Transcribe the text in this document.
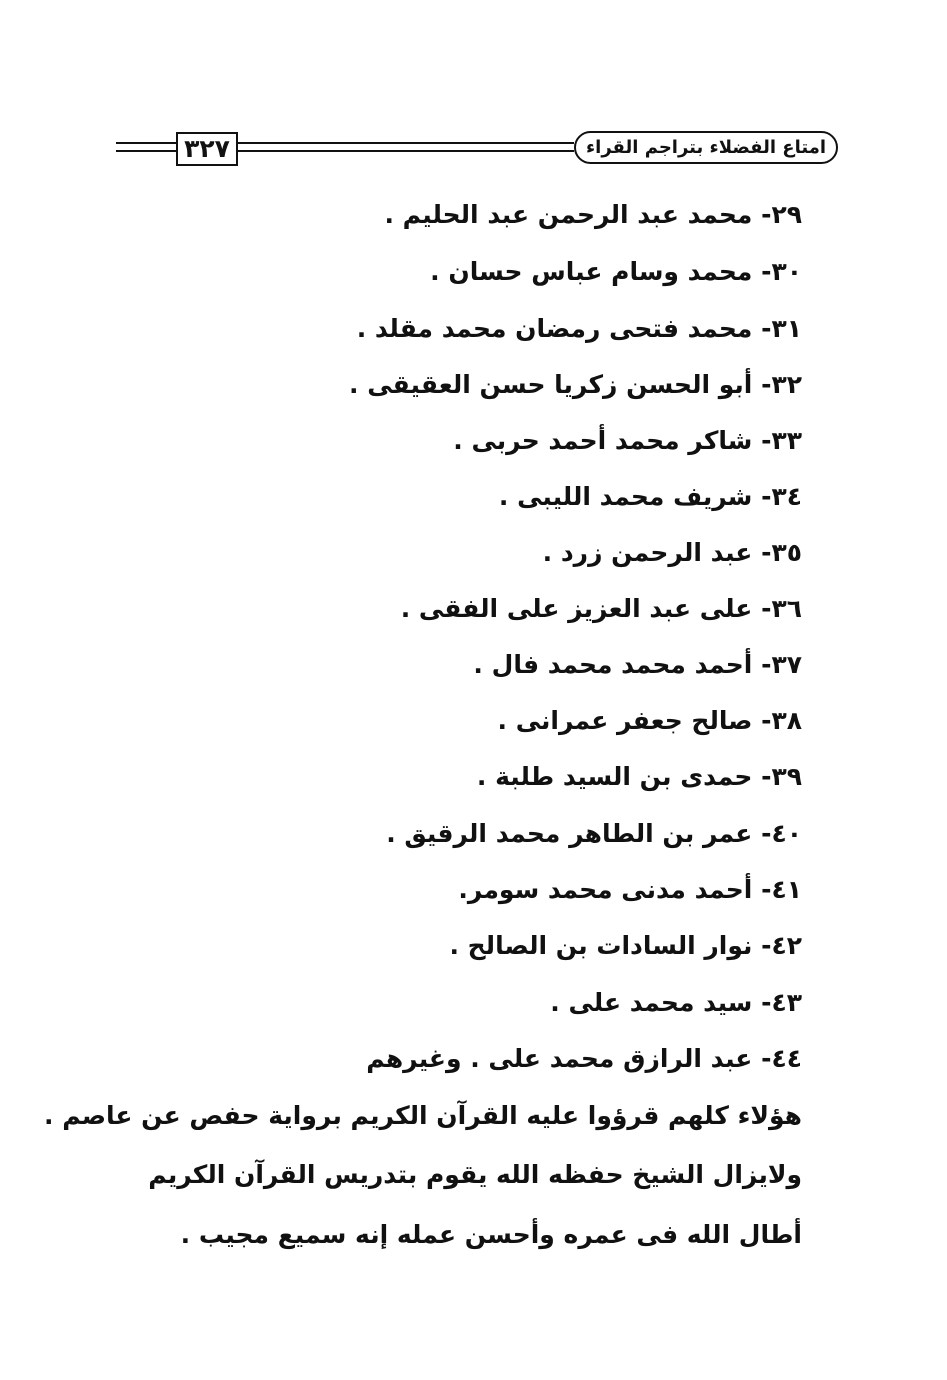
٣٢٧	امتاع الفضلاء بتراجم القراء
٢٩- محمد عبد الرحمن عبد الحليم .
٣٠- محمد وسام عباس حسان .
٣١- محمد فتحى رمضان محمد مقلد .
٣٢- أبو الحسن زكريا حسن العقيقى .
٣٣- شاكر محمد أحمد حربى .
٣٤- شريف محمد الليبى .
٣٥- عبد الرحمن زرد .
٣٦- على عبد العزيز على الفقى .
٣٧- أحمد محمد محمد فال .
٣٨- صالح جعفر عمرانى .
٣٩- حمدى بن السيد طلبة .
٤٠- عمر بن الطاهر محمد الرقيق .
٤١- أحمد مدنى محمد سومر.
٤٢- نوار السادات بن الصالح .
٤٣- سيد محمد على .
٤٤- عبد الرازق محمد على . وغيرهم
هؤلاء كلهم قرؤوا عليه القرآن الكريم برواية حفص عن عاصم .
ولايزال الشيخ حفظه الله يقوم بتدريس القرآن الكريم
أطال الله فى عمره وأحسن عمله إنه سميع مجيب .
